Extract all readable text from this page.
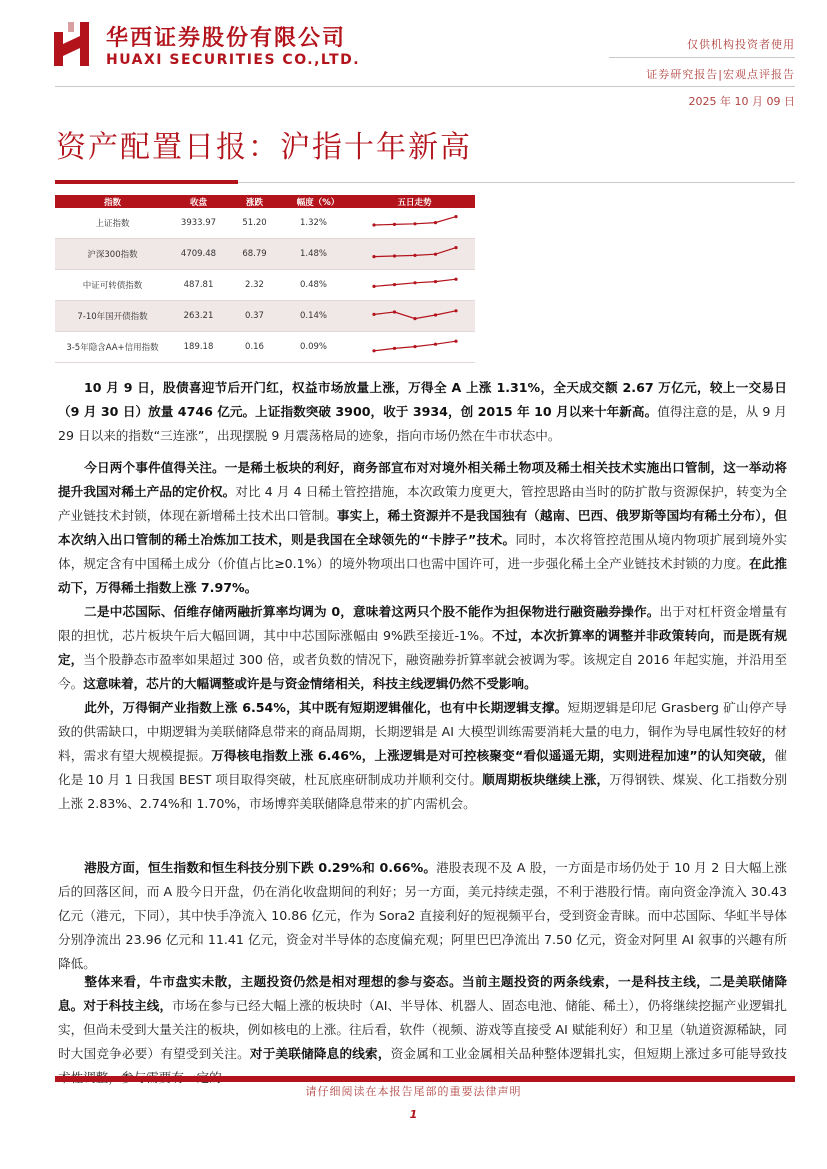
华西证券股份有限公司
HUAXI SECURITIES CO.,LTD.
仅供机构投资者使用
证券研究报告|宏观点评报告
2025 年 10 月 09 日
资产配置日报：沪指十年新高
指数	收盘	涨跌	幅度（%）	五日走势
上证指数	3933.97	51.20	1.32%
沪深300指数	4709.48	68.79	1.48%
中证可转债指数	487.81	2.32	0.48%
7-10年国开债指数	263.21	0.37	0.14%
3-5年隐含AA+信用指数	189.18	0.16	0.09%
10 月 9 日，股债喜迎节后开门红，权益市场放量上涨，万得全 A 上涨 1.31%，全天成交额 2.67 万亿元，较上一交易日（9 月 30 日）放量 4746 亿元。上证指数突破 3900，收于 3934，创 2015 年 10 月以来十年新高。值得注意的是，从 9 月 29 日以来的指数“三连涨”，出现摆脱 9 月震荡格局的迹象，指向市场仍然在牛市状态中。
今日两个事件值得关注。一是稀土板块的利好，商务部宣布对对境外相关稀土物项及稀土相关技术实施出口管制，这一举动将提升我国对稀土产品的定价权。对比 4 月 4 日稀土管控措施，本次政策力度更大，管控思路由当时的防扩散与资源保护，转变为全产业链技术封锁，体现在新增稀土技术出口管制。事实上，稀土资源并不是我国独有（越南、巴西、俄罗斯等国均有稀土分布），但本次纳入出口管制的稀土冶炼加工技术，则是我国在全球领先的“卡脖子”技术。同时，本次将管控范围从境内物项扩展到境外实体，规定含有中国稀土成分（价值占比≥0.1%）的境外物项出口也需中国许可，进一步强化稀土全产业链技术封锁的力度。在此推动下，万得稀土指数上涨 7.97%。
二是中芯国际、佰维存储两融折算率均调为 0，意味着这两只个股不能作为担保物进行融资融券操作。出于对杠杆资金增量有限的担忧，芯片板块午后大幅回调，其中中芯国际涨幅由 9%跌至接近-1%。不过，本次折算率的调整并非政策转向，而是既有规定，当个股静态市盈率如果超过 300 倍，或者负数的情况下，融资融券折算率就会被调为零。该规定自 2016 年起实施，并沿用至今。这意味着，芯片的大幅调整或许是与资金情绪相关，科技主线逻辑仍然不受影响。
此外，万得铜产业指数上涨 6.54%，其中既有短期逻辑催化，也有中长期逻辑支撑。短期逻辑是印尼 Grasberg 矿山停产导致的供需缺口，中期逻辑为美联储降息带来的商品周期，长期逻辑是 AI 大模型训练需要消耗大量的电力，铜作为导电属性较好的材料，需求有望大规模提振。万得核电指数上涨 6.46%，上涨逻辑是对可控核聚变“看似遥遥无期，实则进程加速”的认知突破，催化是 10 月 1 日我国 BEST 项目取得突破，杜瓦底座研制成功并顺利交付。顺周期板块继续上涨，万得钢铁、煤炭、化工指数分别上涨 2.83%、2.74%和 1.70%，市场博弈美联储降息带来的扩内需机会。
港股方面，恒生指数和恒生科技分别下跌 0.29%和 0.66%。港股表现不及 A 股，一方面是市场仍处于 10 月 2 日大幅上涨后的回落区间，而 A 股今日开盘，仍在消化收盘期间的利好；另一方面，美元持续走强，不利于港股行情。南向资金净流入 30.43 亿元（港元，下同），其中快手净流入 10.86 亿元，作为 Sora2 直接利好的短视频平台，受到资金青睐。而中芯国际、华虹半导体分别净流出 23.96 亿元和 11.41 亿元，资金对半导体的态度偏充观；阿里巴巴净流出 7.50 亿元，资金对阿里 AI 叙事的兴趣有所降低。
整体来看，牛市盘实未散，主题投资仍然是相对理想的参与姿态。当前主题投资的两条线索，一是科技主线，二是美联储降息。对于科技主线，市场在参与已经大幅上涨的板块时（AI、半导体、机器人、固态电池、储能、稀土），仍将继续挖掘产业逻辑扎实，但尚未受到大量关注的板块，例如核电的上涨。往后看，软件（视频、游戏等直接受 AI 赋能利好）和卫星（轨道资源稀缺，同时大国竞争必要）有望受到关注。对于美联储降息的线索，资金属和工业金属相关品种整体逻辑扎实，但短期上涨过多可能导致技
请仔细阅读在本报告尾部的重要法律声明
1
